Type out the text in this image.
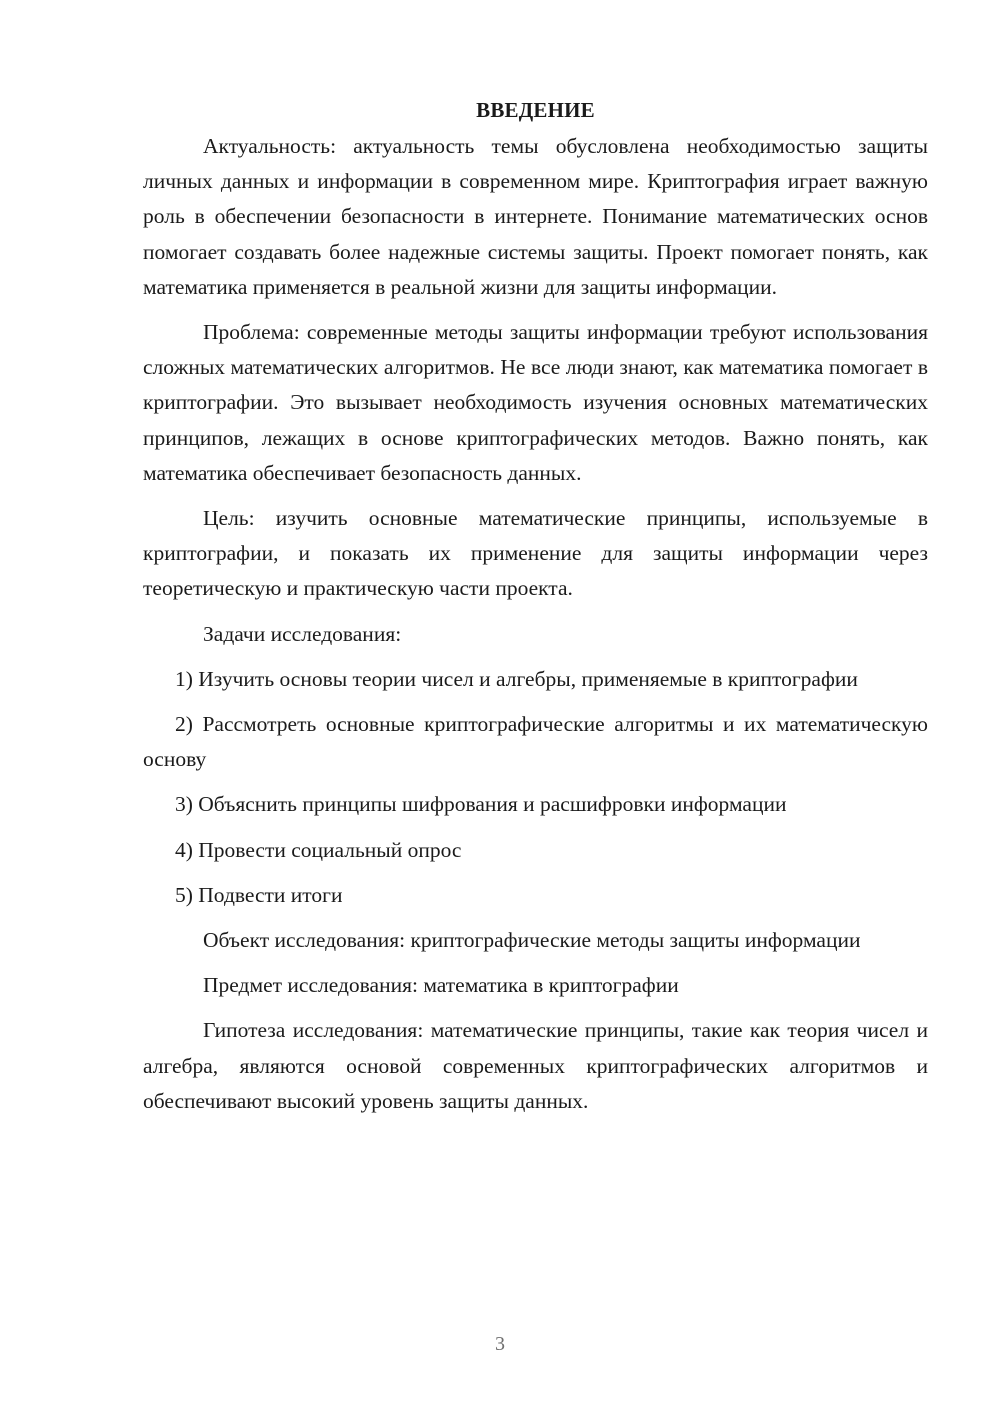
ВВЕДЕНИЕ

Актуальность: актуальность темы обусловлена необходимостью защиты личных данных и информации в современном мире. Криптография играет важную роль в обеспечении безопасности в интернете. Понимание математических основ помогает создавать более надежные системы защиты. Проект помогает понять, как математика применяется в реальной жизни для защиты информации.

Проблема: современные методы защиты информации требуют использования сложных математических алгоритмов. Не все люди знают, как математика помогает в криптографии. Это вызывает необходимость изучения основных математических принципов, лежащих в основе криптографических методов. Важно понять, как математика обеспечивает безопасность данных.

Цель: изучить основные математические принципы, используемые в криптографии, и показать их применение для защиты информации через теоретическую и практическую части проекта.

Задачи исследования:

1) Изучить основы теории чисел и алгебры, применяемые в криптографии

2) Рассмотреть основные криптографические алгоритмы и их математическую основу

3) Объяснить принципы шифрования и расшифровки информации

4) Провести социальный опрос

5) Подвести итоги

Объект исследования: криптографические методы защиты информации

Предмет исследования: математика в криптографии

Гипотеза исследования: математические принципы, такие как теория чисел и алгебра, являются основой современных криптографических алгоритмов и обеспечивают высокий уровень защиты данных.

3
